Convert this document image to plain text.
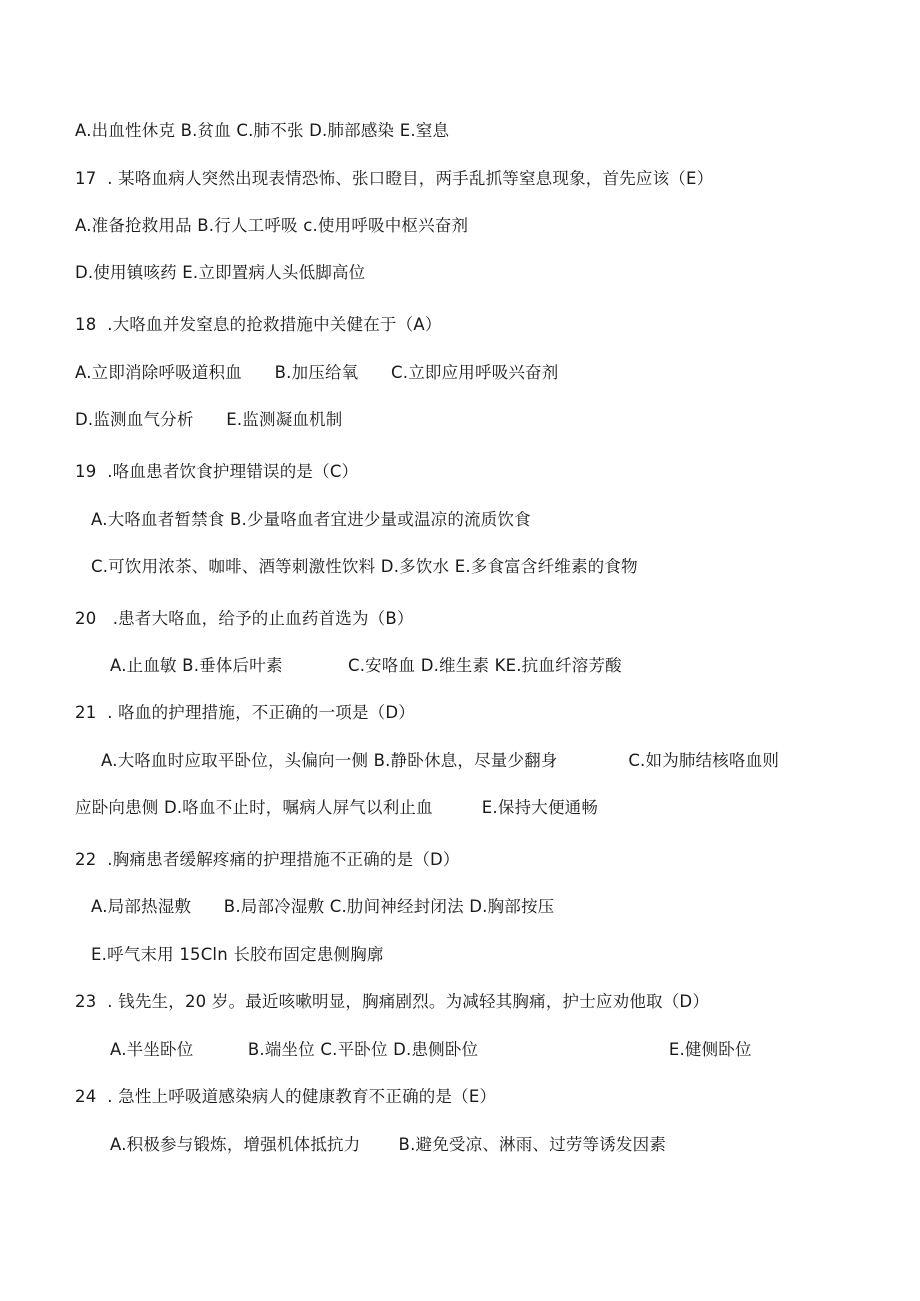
A.出血性休克 B.贫血 C.肺不张 D.肺部感染 E.窒息
17  . 某咯血病人突然出现表情恐怖、张口瞪目，两手乱抓等窒息现象，首先应该（E）
A.准备抢救用品 B.行人工呼吸 c.使用呼吸中枢兴奋剂
D.使用镇咳药 E.立即置病人头低脚高位
18  .大咯血并发窒息的抢救措施中关健在于（A）
A.立即消除呼吸道积血      B.加压给氧      C.立即应用呼吸兴奋剂
D.监测血气分析      E.监测凝血机制
19  .咯血患者饮食护理错误的是（C）
A.大咯血者暂禁食 B.少量咯血者宜进少量或温凉的流质饮食
C.可饮用浓茶、咖啡、酒等刺激性饮料 D.多饮水 E.多食富含纤维素的食物
20   .患者大咯血，给予的止血药首选为（B）
A.止血敏 B.垂体后叶素            C.安咯血 D.维生素 KE.抗血纤溶芳酸
21  . 咯血的护理措施，不正确的一项是（D）
A.大咯血时应取平卧位，头偏向一侧 B.静卧休息，尽量少翻身             C.如为肺结核咯血则
应卧向患侧 D.咯血不止时，嘱病人屏气以利止血         E.保持大便通畅
22  .胸痛患者缓解疼痛的护理措施不正确的是（D）
A.局部热湿敷      B.局部冷湿敷 C.肋间神经封闭法 D.胸部按压
E.呼气末用 15Cln 长胶布固定患侧胸廓
23  . 钱先生，20 岁。最近咳嗽明显，胸痛剧烈。为减轻其胸痛，护士应劝他取（D）
A.半坐卧位          B.端坐位 C.平卧位 D.患侧卧位                                   E.健侧卧位
24  . 急性上呼吸道感染病人的健康教育不正确的是（E）
A.积极参与锻炼，增强机体抵抗力       B.避免受凉、淋雨、过劳等诱发因素
